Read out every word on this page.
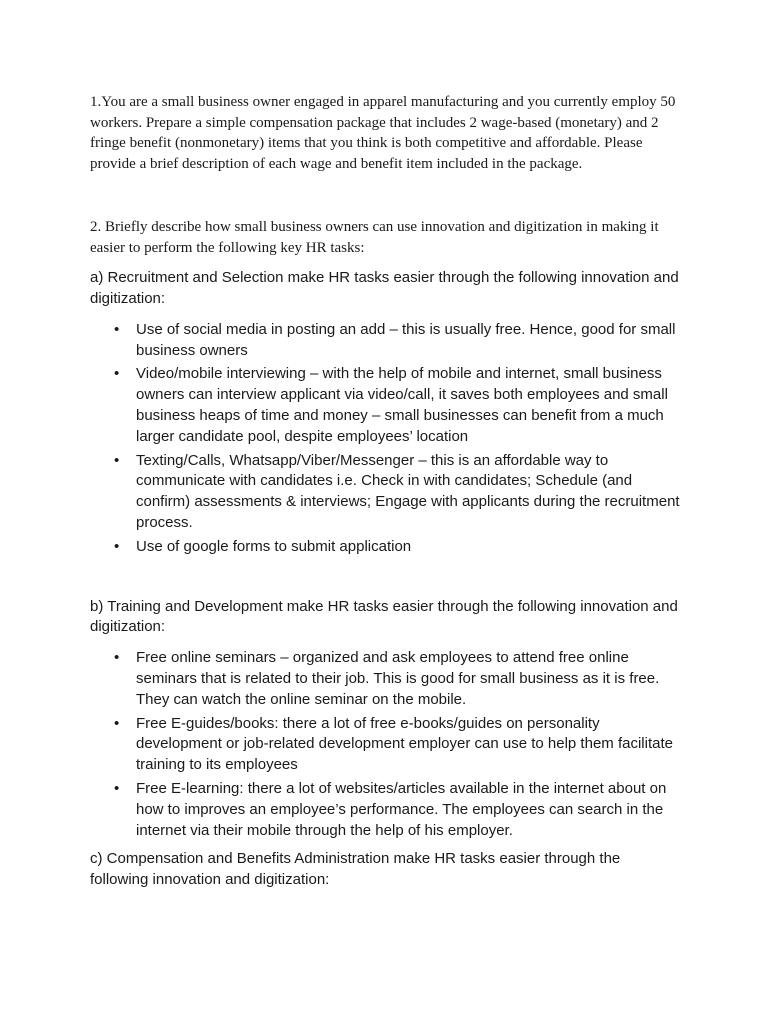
1.You are a small business owner engaged in apparel manufacturing and you currently employ 50 workers. Prepare a simple compensation package that includes 2 wage-based (monetary) and 2 fringe benefit (nonmonetary) items that you think is both competitive and affordable. Please provide a brief description of each wage and benefit item included in the package.

2. Briefly describe how small business owners can use innovation and digitization in making it easier to perform the following key HR tasks:

a) Recruitment and Selection make HR tasks easier through the following innovation and digitization:

• Use of social media in posting an add – this is usually free. Hence, good for small business owners
• Video/mobile interviewing – with the help of mobile and internet, small business owners can interview applicant via video/call, it saves both employees and small business heaps of time and money – small businesses can benefit from a much larger candidate pool, despite employees’ location
• Texting/Calls, Whatsapp/Viber/Messenger – this is an affordable way to communicate with candidates i.e. Check in with candidates; Schedule (and confirm) assessments & interviews; Engage with applicants during the recruitment process.
• Use of google forms to submit application

b) Training and Development make HR tasks easier through the following innovation and digitization:

• Free online seminars – organized and ask employees to attend free online seminars that is related to their job. This is good for small business as it is free. They can watch the online seminar on the mobile.
• Free E-guides/books: there a lot of free e-books/guides on personality development or job-related development employer can use to help them facilitate training to its employees
• Free E-learning: there a lot of websites/articles available in the internet about on how to improves an employee’s performance. The employees can search in the internet via their mobile through the help of his employer.

c) Compensation and Benefits Administration make HR tasks easier through the following innovation and digitization:
